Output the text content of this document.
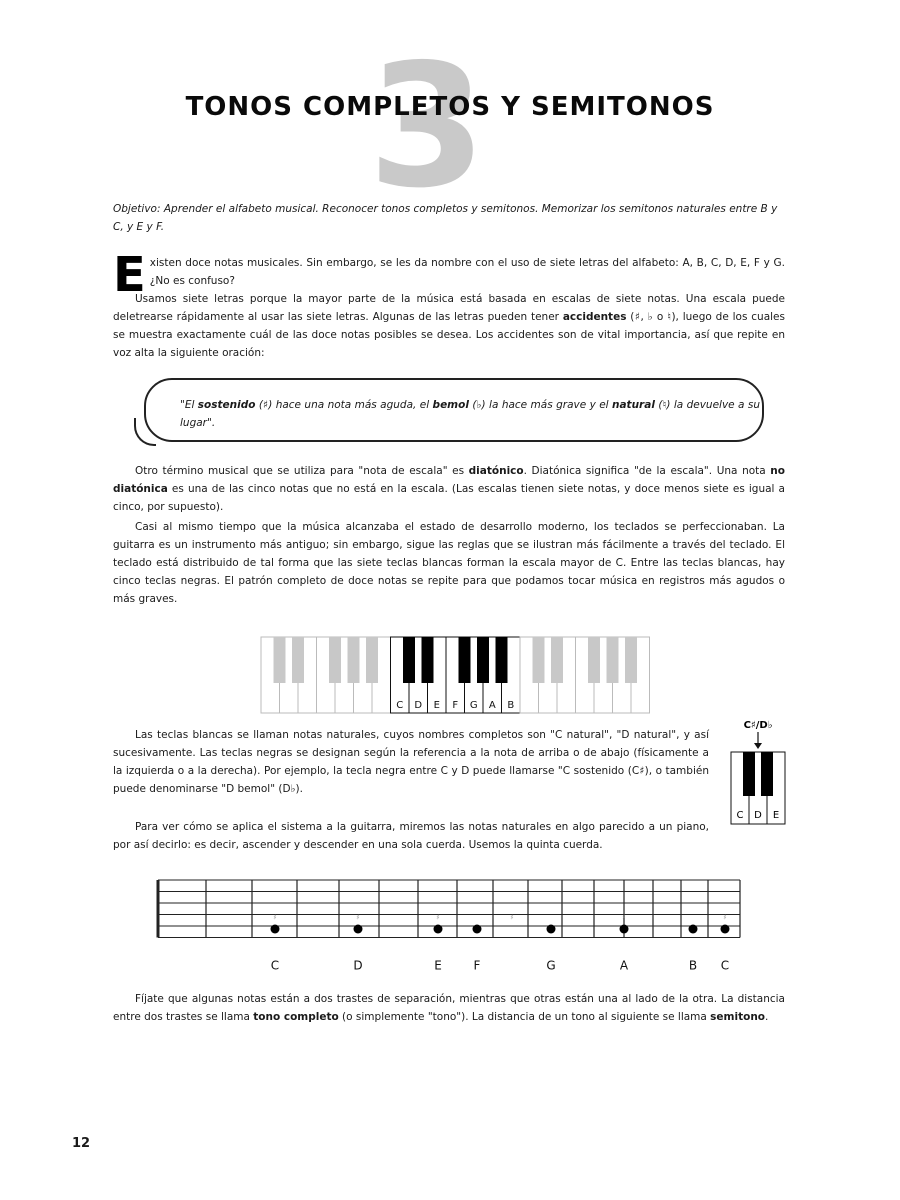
3
TONOS COMPLETOS Y SEMITONOS
Objetivo: Aprender el alfabeto musical. Reconocer tonos completos y semitonos. Memorizar los semitonos naturales entre B y C, y E y F.

Existen doce notas musicales. Sin embargo, se les da nombre con el uso de siete letras del alfabeto: A, B, C, D, E, F y G. ¿No es confuso?

Usamos siete letras porque la mayor parte de la música está basada en escalas de siete notas. Una escala puede deletrearse rápidamente al usar las siete letras. Algunas de las letras pueden tener accidentes (♯, ♭ o ♮), luego de los cuales se muestra exactamente cuál de las doce notas posibles se desea. Los accidentes son de vital importancia, así que repite en voz alta la siguiente oración:

"El sostenido (♯) hace una nota más aguda, el bemol (♭) la hace más grave y el natural (♮) la devuelve a su lugar".

Otro término musical que se utiliza para "nota de escala" es diatónico. Diatónica significa "de la escala". Una nota no diatónica es una de las cinco notas que no está en la escala. (Las escalas tienen siete notas, y doce menos siete es igual a cinco, por supuesto).

Casi al mismo tiempo que la música alcanzaba el estado de desarrollo moderno, los teclados se perfeccionaban. La guitarra es un instrumento más antiguo; sin embargo, sigue las reglas que se ilustran más fácilmente a través del teclado. El teclado está distribuido de tal forma que las siete teclas blancas forman la escala mayor de C. Entre las teclas blancas, hay cinco teclas negras. El patrón completo de doce notas se repite para que podamos tocar música en registros más agudos o más graves.

C D E F G A B

Las teclas blancas se llaman notas naturales, cuyos nombres completos son "C natural", "D natural", y así sucesivamente. Las teclas negras se designan según la referencia a la nota de arriba o de abajo (físicamente a la izquierda o a la derecha). Por ejemplo, la tecla negra entre C y D puede llamarse "C sostenido (C♯), o también puede denominarse "D bemol" (D♭).

C♯/D♭
C D E

Para ver cómo se aplica el sistema a la guitarra, miremos las notas naturales en algo parecido a un piano, por así decirlo: es decir, ascender y descender en una sola cuerda. Usemos la quinta cuerda.

♯	♯	♯	♯	♯	♯
C	D	E	F	G	A	B C

Fíjate que algunas notas están a dos trastes de separación, mientras que otras están una al lado de la otra. La distancia entre dos trastes se llama tono completo (o simplemente "tono"). La distancia de un tono al siguiente se llama semitono.

12
